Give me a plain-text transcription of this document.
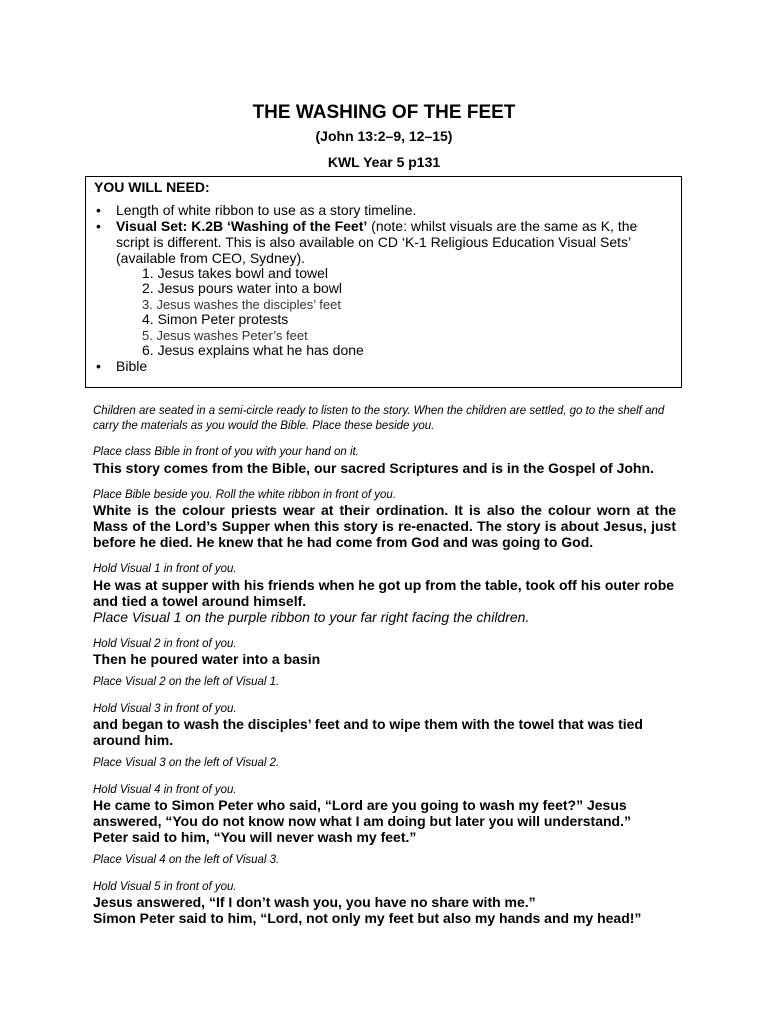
THE WASHING OF THE FEET
(John 13:2–9, 12–15)
KWL Year 5 p131
YOU WILL NEED:
• Length of white ribbon to use as a story timeline.
• Visual Set: K.2B ‘Washing of the Feet’ (note: whilst visuals are the same as K, the script is different. This is also available on CD ‘K-1 Religious Education Visual Sets’ (available from CEO, Sydney).
1. Jesus takes bowl and towel
2. Jesus pours water into a bowl
3. Jesus washes the disciples’ feet
4. Simon Peter protests
5. Jesus washes Peter’s feet
6. Jesus explains what he has done
• Bible

Children are seated in a semi-circle ready to listen to the story. When the children are settled, go to the shelf and carry the materials as you would the Bible. Place these beside you.

Place class Bible in front of you with your hand on it.

This story comes from the Bible, our sacred Scriptures and is in the Gospel of John.

Place Bible beside you. Roll the white ribbon in front of you.

White is the colour priests wear at their ordination. It is also the colour worn at the Mass of the Lord’s Supper when this story is re-enacted. The story is about Jesus, just before he died. He knew that he had come from God and was going to God.

Hold Visual 1 in front of you.

He was at supper with his friends when he got up from the table, took off his outer robe and tied a towel around himself.

Place Visual 1 on the purple ribbon to your far right facing the children.

Hold Visual 2 in front of you.

Then he poured water into a basin

Place Visual 2 on the left of Visual 1.

Hold Visual 3 in front of you.

and began to wash the disciples’ feet and to wipe them with the towel that was tied around him.

Place Visual 3 on the left of Visual 2.

Hold Visual 4 in front of you.

He came to Simon Peter who said, “Lord are you going to wash my feet?” Jesus

answered, “You do not know now what I am doing but later you will understand.”

Peter said to him, “You will never wash my feet.”

Place Visual 4 on the left of Visual 3.

Hold Visual 5 in front of you.

Jesus answered, “If I don’t wash you, you have no share with me.”

Simon Peter said to him, “Lord, not only my feet but also my hands and my head!”
